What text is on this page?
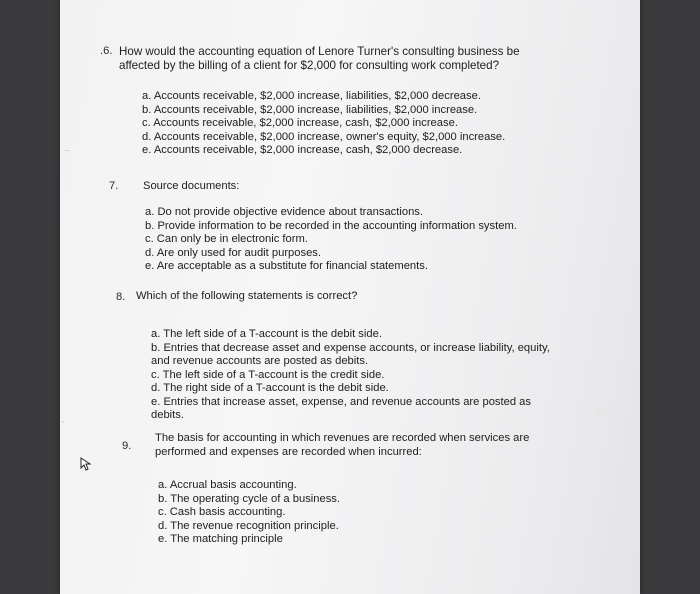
.6. How would the accounting equation of Lenore Turner's consulting business be
affected by the billing of a client for $2,000 for consulting work completed?
a. Accounts receivable, $2,000 increase, liabilities, $2,000 decrease.
b. Accounts receivable, $2,000 increase, liabilities, $2,000 increase.
c. Accounts receivable, $2,000 increase, cash, $2,000 increase.
d. Accounts receivable, $2,000 increase, owner's equity, $2,000 increase.
e. Accounts receivable, $2,000 increase, cash, $2,000 decrease.
7. Source documents:
a. Do not provide objective evidence about transactions.
b. Provide information to be recorded in the accounting information system.
c. Can only be in electronic form.
d. Are only used for audit purposes.
e. Are acceptable as a substitute for financial statements.
8. Which of the following statements is correct?
a. The left side of a T-account is the debit side.
b. Entries that decrease asset and expense accounts, or increase liability, equity,
and revenue accounts are posted as debits.
c. The left side of a T-account is the credit side.
d. The right side of a T-account is the debit side.
e. Entries that increase asset, expense, and revenue accounts are posted as
debits.
9.
The basis for accounting in which revenues are recorded when services are
performed and expenses are recorded when incurred:
a. Accrual basis accounting.
b. The operating cycle of a business.
c. Cash basis accounting.
d. The revenue recognition principle.
e. The matching principle
~
'
·
